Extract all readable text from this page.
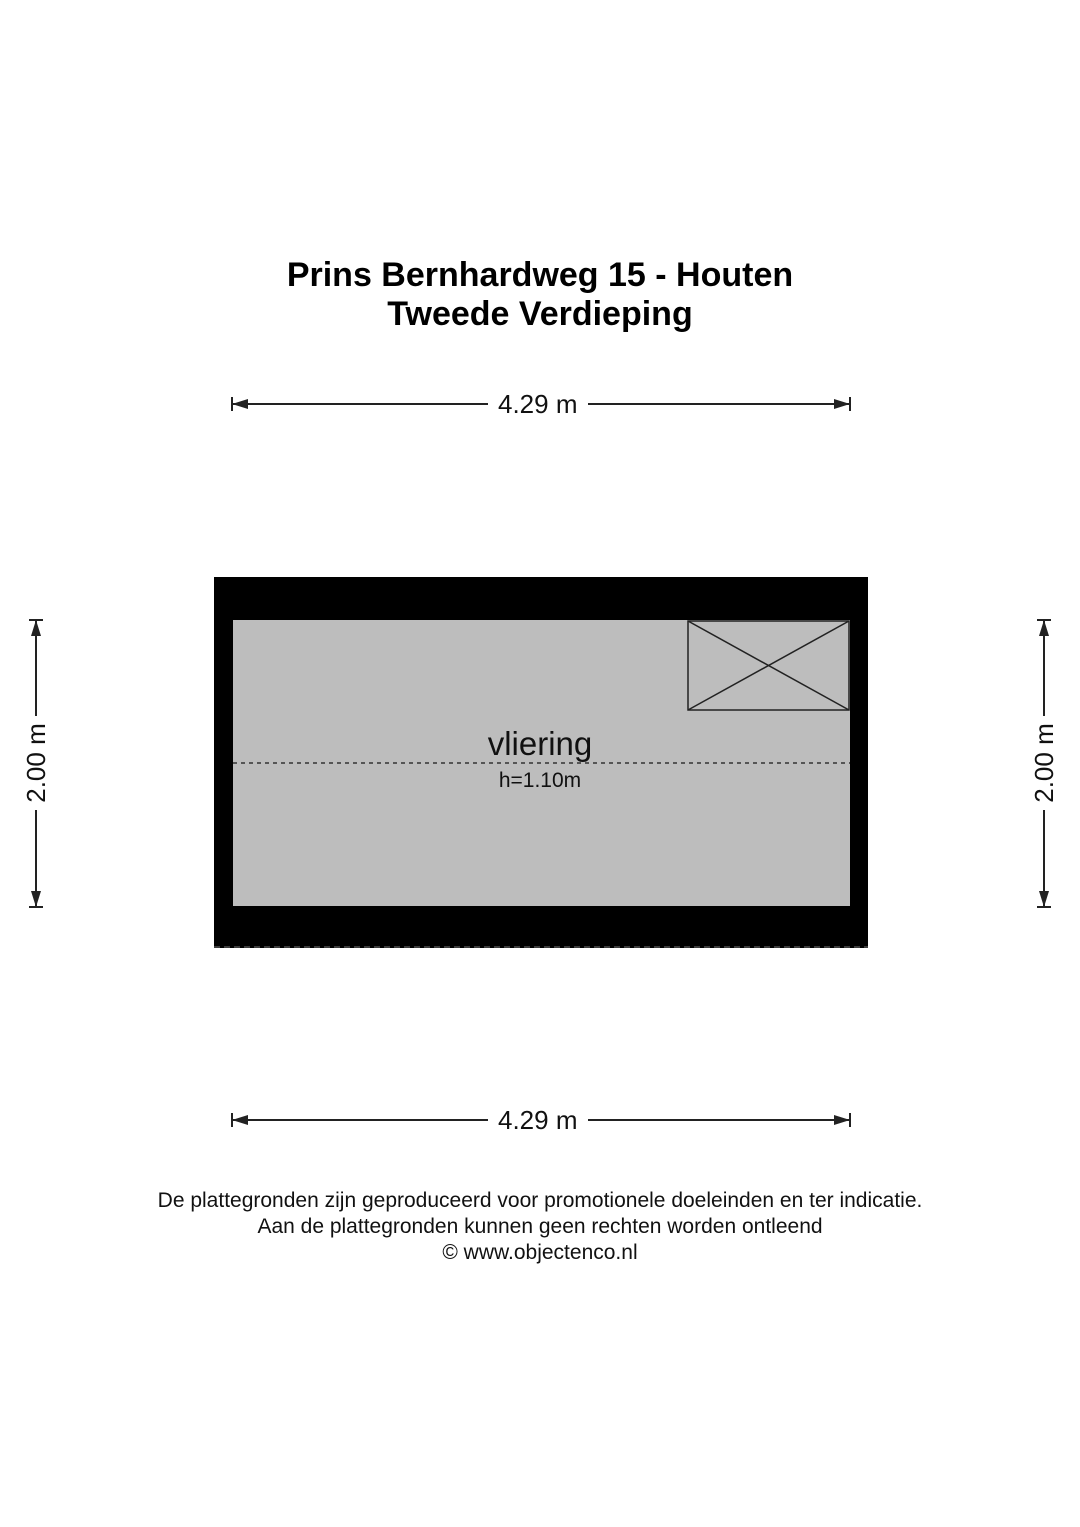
Prins Bernhardweg 15 - Houten
Tweede Verdieping
4.29 m
4.29 m
2.00 m	2.00 m
vliering
h=1.10m
De plattegronden zijn geproduceerd voor promotionele doeleinden en ter indicatie.
Aan de plattegronden kunnen geen rechten worden ontleend
© www.objectenco.nl
